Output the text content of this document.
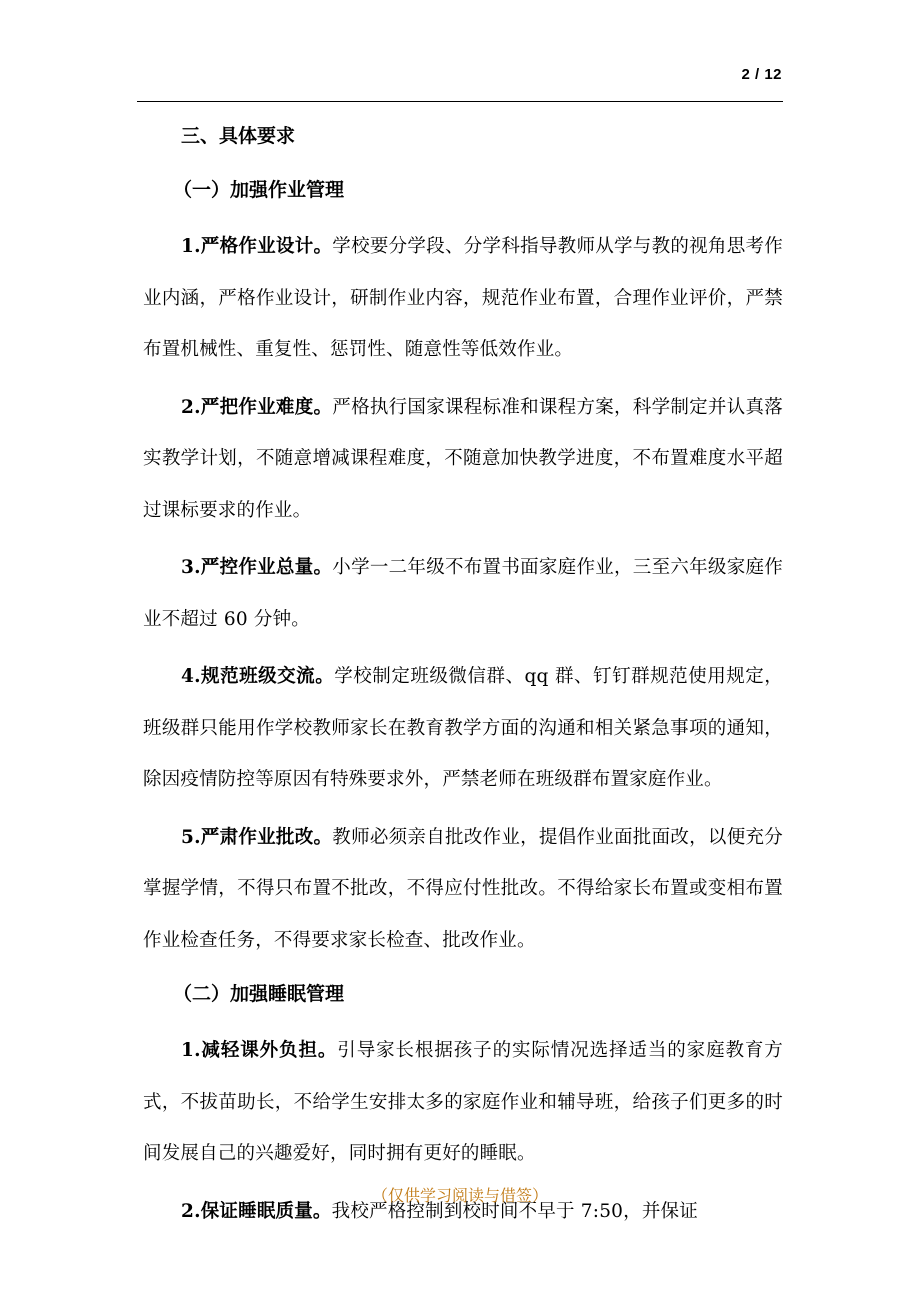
2 / 12
三、具体要求
（一）加强作业管理

1.严格作业设计。学校要分学段、分学科指导教师从学与教的视角思考作业内涵，严格作业设计，研制作业内容，规范作业布置，合理作业评价，严禁布置机械性、重复性、惩罚性、随意性等低效作业。

2.严把作业难度。严格执行国家课程标准和课程方案，科学制定并认真落实教学计划，不随意增减课程难度，不随意加快教学进度，不布置难度水平超过课标要求的作业。

3.严控作业总量。小学一二年级不布置书面家庭作业，三至六年级家庭作业不超过 60 分钟。

4.规范班级交流。学校制定班级微信群、qq 群、钉钉群规范使用规定，班级群只能用作学校教师家长在教育教学方面的沟通和相关紧急事项的通知，除因疫情防控等原因有特殊要求外，严禁老师在班级群布置家庭作业。

5.严肃作业批改。教师必须亲自批改作业，提倡作业面批面改，以便充分掌握学情，不得只布置不批改，不得应付性批改。不得给家长布置或变相布置作业检查任务，不得要求家长检查、批改作业。

（二）加强睡眠管理

1.减轻课外负担。引导家长根据孩子的实际情况选择适当的家庭教育方式，不拔苗助长，不给学生安排太多的家庭作业和辅导班，给孩子们更多的时间发展自己的兴趣爱好，同时拥有更好的睡眠。

2.保证睡眠质量。我校严格控制到校时间不早于 7:50，并保证

（仅供学习阅读与借签）
